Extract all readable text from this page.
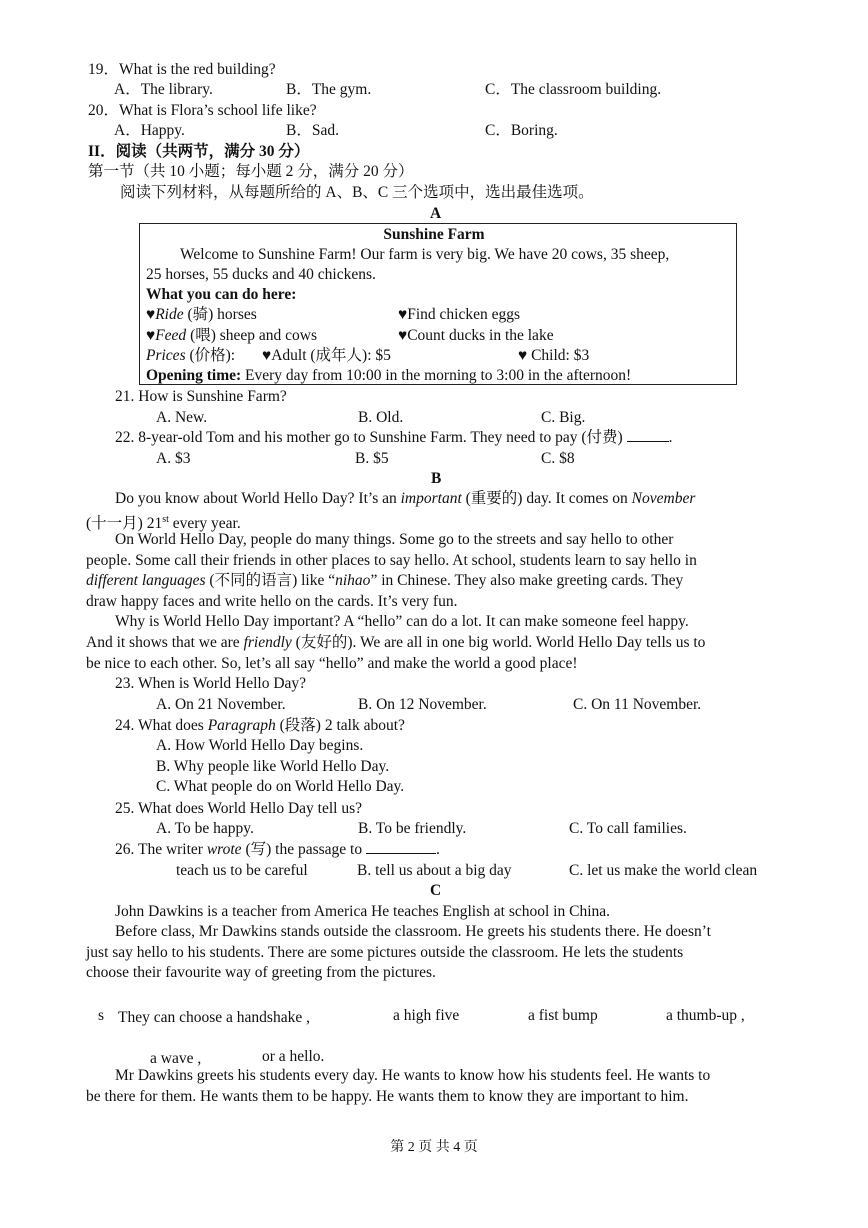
19．What is the red building?
A．The library.	B．The gym.	C．The classroom building.
20．What is Flora’s school life like?
A．Happy.	B．Sad.	C．Boring.
II．阅读（共两节，满分 30 分）
第一节（共 10 小题；每小题 2 分，满分 20 分）
阅读下列材料，从每题所给的 A、B、C 三个选项中，选出最佳选项。
A
Sunshine Farm
Welcome to Sunshine Farm! Our farm is very big. We have 20 cows, 35 sheep,
25 horses, 55 ducks and 40 chickens.
What you can do here:
♥Ride (骑) horses	♥Find chicken eggs
♥Feed (喂) sheep and cows	♥Count ducks in the lake
Prices (价格): ♥Adult (成年人): $5	♥ Child: $3
Opening time: Every day from 10:00 in the morning to 3:00 in the afternoon!
21. How is Sunshine Farm?
A. New.	B. Old.	C. Big.
22. 8-year-old Tom and his mother go to Sunshine Farm. They need to pay (付费)	.
A. $3	B. $5	C. $8
B
Do you know about World Hello Day? It’s an important (重要的) day. It comes on November
(十一月) 21st every year.
On World Hello Day, people do many things. Some go to the streets and say hello to other
people. Some call their friends in other places to say hello. At school, students learn to say hello in
different languages (不同的语言) like “nihao” in Chinese. They also make greeting cards. They
draw happy faces and write hello on the cards. It’s very fun.
Why is World Hello Day important? A “hello” can do a lot. It can make someone feel happy.
And it shows that we are friendly (友好的). We are all in one big world. World Hello Day tells us to
be nice to each other. So, let’s all say “hello” and make the world a good place!
23. When is World Hello Day?
A. On 21 November.	B. On 12 November.	C. On 11 November.
24. What does Paragraph (段落) 2 talk about?
A. How World Hello Day begins.
B. Why people like World Hello Day.
C. What people do on World Hello Day.
25. What does World Hello Day tell us?
A. To be happy.	B. To be friendly.	C. To call families.
26. The writer wrote (写) the passage to	.
teach us to be careful	B. tell us about a big day	C. let us make the world clean
C
John Dawkins is a teacher from America He teaches English at school in China.
Before class, Mr Dawkins stands outside the classroom. He greets his students there. He doesn’t
just say hello to his students. There are some pictures outside the classroom. He lets the students
choose their favourite way of greeting from the pictures.
s They can choose a handshake ,	a high five	a fist bump	a thumb-up ,
a wave ,	or a hello.
Mr Dawkins greets his students every day. He wants to know how his students feel. He wants to
be there for them. He wants them to be happy. He wants them to know they are important to him.
第 2 页 共 4 页
